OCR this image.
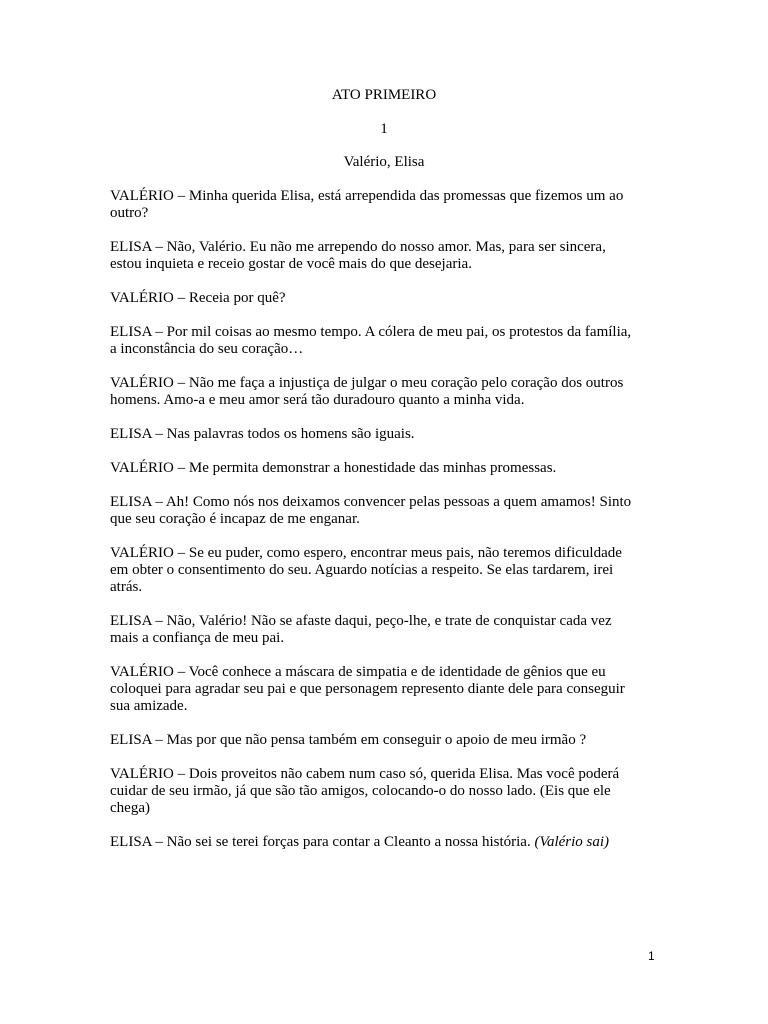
ATO PRIMEIRO
1
Valério, Elisa

VALÉRIO – Minha querida Elisa, está arrependida das promessas que fizemos um ao
outro?

ELISA – Não, Valério. Eu não me arrependo do nosso amor. Mas, para ser sincera,
estou inquieta e receio gostar de você mais do que desejaria.

VALÉRIO – Receia por quê?

ELISA – Por mil coisas ao mesmo tempo. A cólera de meu pai, os protestos da família,
a inconstância do seu coração…

VALÉRIO – Não me faça a injustiça de julgar o meu coração pelo coração dos outros
homens. Amo-a e meu amor será tão duradouro quanto a minha vida.

ELISA – Nas palavras todos os homens são iguais.

VALÉRIO – Me permita demonstrar a honestidade das minhas promessas.

ELISA – Ah! Como nós nos deixamos convencer pelas pessoas a quem amamos! Sinto
que seu coração é incapaz de me enganar.

VALÉRIO – Se eu puder, como espero, encontrar meus pais, não teremos dificuldade
em obter o consentimento do seu. Aguardo notícias a respeito. Se elas tardarem, irei
atrás.

ELISA – Não, Valério! Não se afaste daqui, peço-lhe, e trate de conquistar cada vez
mais a confiança de meu pai.

VALÉRIO – Você conhece a máscara de simpatia e de identidade de gênios que eu
coloquei para agradar seu pai e que personagem represento diante dele para conseguir
sua amizade.

ELISA – Mas por que não pensa também em conseguir o apoio de meu irmão ?

VALÉRIO – Dois proveitos não cabem num caso só, querida Elisa. Mas você poderá
cuidar de seu irmão, já que são tão amigos, colocando-o do nosso lado. (Eis que ele
chega)

ELISA – Não sei se terei forças para contar a Cleanto a nossa história. (Valério sai)

1
